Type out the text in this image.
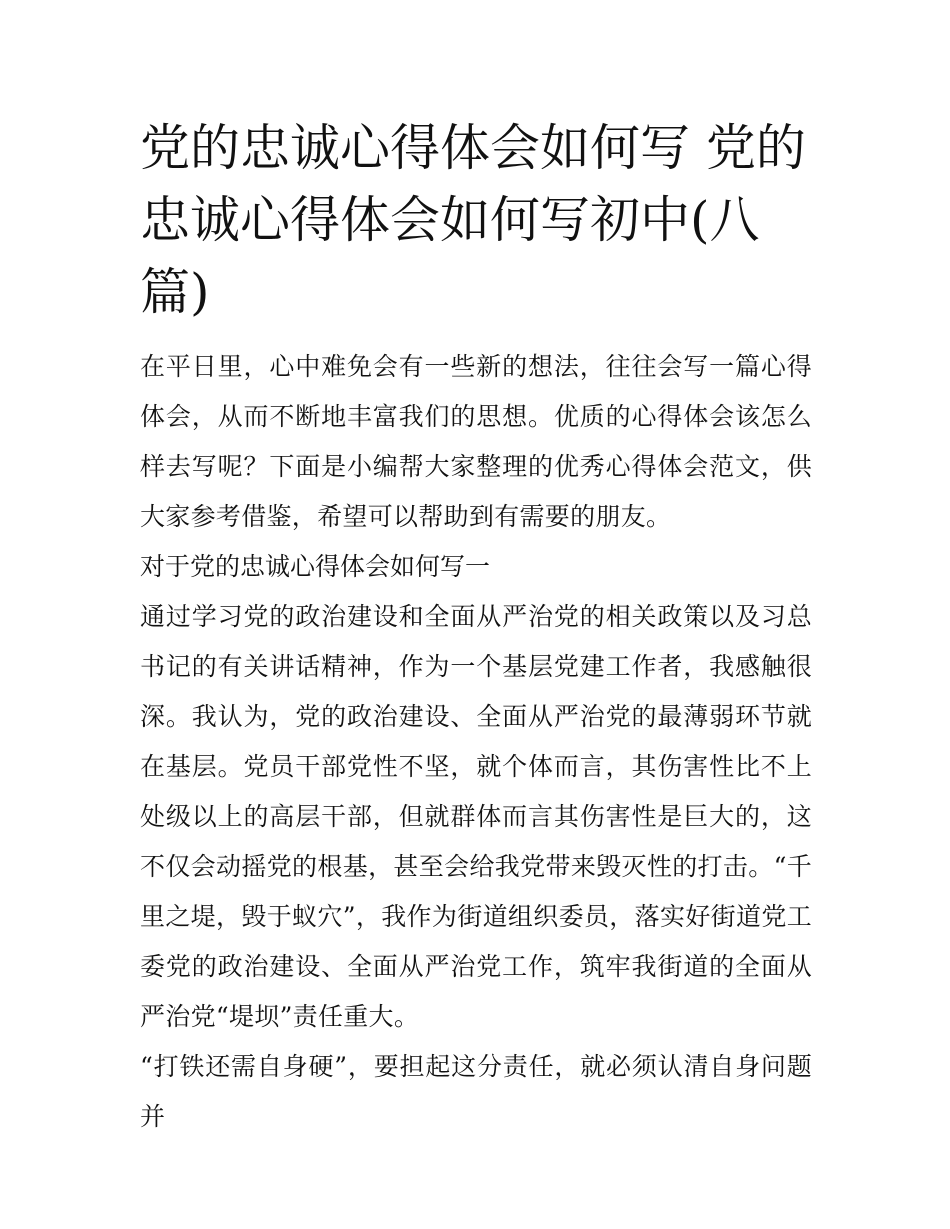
党的忠诚心得体会如何写 党的忠诚心得体会如何写初中(八篇)

在平日里，心中难免会有一些新的想法，往往会写一篇心得体会，从而不断地丰富我们的思想。优质的心得体会该怎么样去写呢？下面是小编帮大家整理的优秀心得体会范文，供大家参考借鉴，希望可以帮助到有需要的朋友。

对于党的忠诚心得体会如何写一

通过学习党的政治建设和全面从严治党的相关政策以及习总书记的有关讲话精神，作为一个基层党建工作者，我感触很深。我认为，党的政治建设、全面从严治党的最薄弱环节就在基层。党员干部党性不坚，就个体而言，其伤害性比不上处级以上的高层干部，但就群体而言其伤害性是巨大的，这不仅会动摇党的根基，甚至会给我党带来毁灭性的打击。“千里之堤，毁于蚁穴”，我作为街道组织委员，落实好街道党工委党的政治建设、全面从严治党工作，筑牢我街道的全面从严治党“堤坝”责任重大。

“打铁还需自身硬”，要担起这分责任，就必须认清自身问题并
